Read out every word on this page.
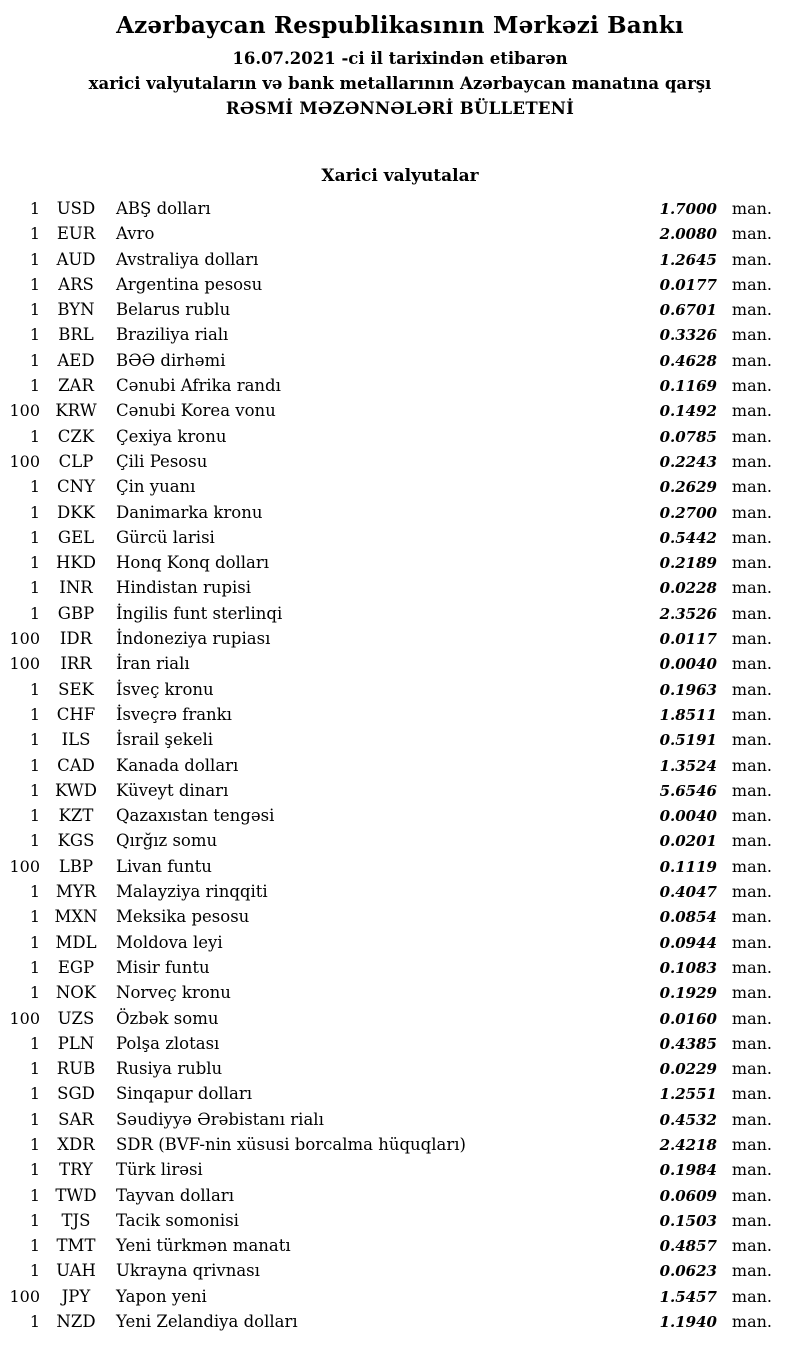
Azərbaycan Respublikasının Mərkəzi Bankı

16.07.2021 -ci il tarixindən etibarən

xarici valyutaların və bank metallarının Azərbaycan manatına qarşı

RƏSMİ MƏZƏNNƏLƏRİ BÜLLETENİ

Xarici valyutalar
1	USD	ABŞ dolları	1.7000 man.
1	EUR	Avro	2.0080 man.
1 AUD	Avstraliya dolları	1.2645 man.
1	ARS	Argentina pesosu	0.0177 man.
1	BYN	Belarus rublu	0.6701 man.
1	BRL	Braziliya rialı	0.3326 man.
1	AED	BƏƏ dirhəmi	0.4628 man.
1	ZAR	Cənubi Afrika randı	0.1169 man.
100 KRW	Cənubi Korea vonu	0.1492 man.
1	CZK	Çexiya kronu	0.0785 man.
100	CLP	Çili Pesosu	0.2243 man.
1	CNY	Çin yuanı	0.2629 man.
1	DKK	Danimarka kronu	0.2700 man.
1	GEL	Gürcü larisi	0.5442 man.
1 HKD	Honq Konq dolları	0.2189 man.
1	INR	Hindistan rupisi	0.0228 man.
1	GBP	İngilis funt sterlinqi	2.3526 man.
100	IDR	İndoneziya rupiası	0.0117 man.
100	IRR	İran rialı	0.0040 man.
1	SEK	İsveç kronu	0.1963 man.
1	CHF	İsveçrə frankı	1.8511 man.
1	ILS	İsrail şekeli	0.5191 man.
1	CAD	Kanada dolları	1.3524 man.
1 KWD	Küveyt dinarı	5.6546 man.
1	KZT	Qazaxıstan tengəsi	0.0040 man.
1	KGS	Qırğız somu	0.0201 man.
100	LBP	Livan funtu	0.1119 man.
1 MYR	Malayziya rinqqiti	0.4047 man.
1 MXN	Meksika pesosu	0.0854 man.
1 MDL	Moldova leyi	0.0944 man.
1	EGP	Misir funtu	0.1083 man.
1 NOK	Norveç kronu	0.1929 man.
100	UZS	Özbək somu	0.0160 man.
1	PLN	Polşa zlotası	0.4385 man.
1	RUB	Rusiya rublu	0.0229 man.
1	SGD	Sinqapur dolları	1.2551 man.
1	SAR	Səudiyyə Ərəbistanı rialı	0.4532 man.
1	XDR	SDR (BVF-nin xüsusi borcalma hüquqları)	2.4218 man.
1	TRY	Türk lirəsi	0.1984 man.
1 TWD	Tayvan dolları	0.0609 man.
1	TJS	Tacik somonisi	0.1503 man.
1	TMT	Yeni türkmən manatı	0.4857 man.
1 UAH	Ukrayna qrivnası	0.0623 man.
100	JPY	Yapon yeni	1.5457 man.
1 NZD	Yeni Zelandiya dolları	1.1940 man.
